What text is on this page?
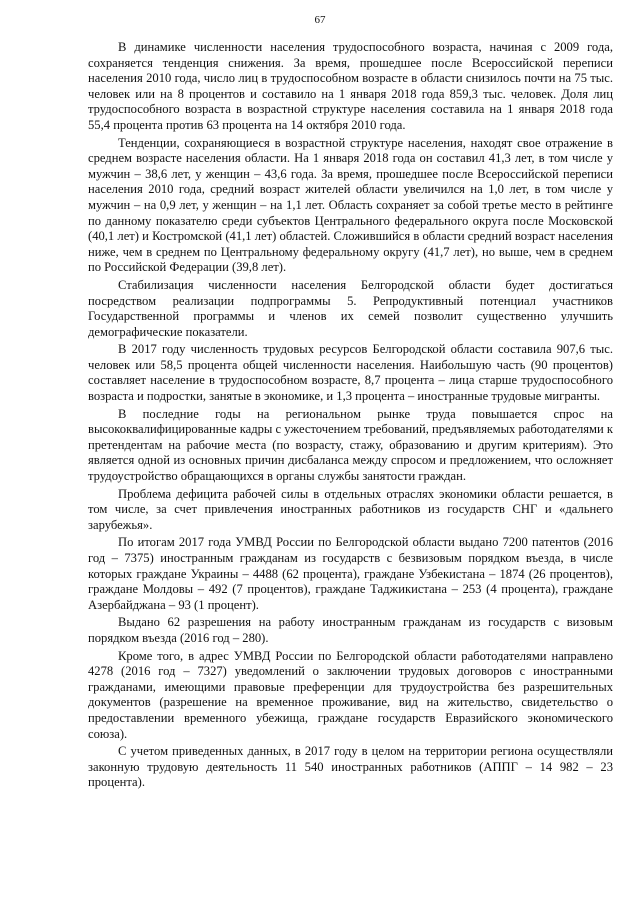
67

В динамике численности населения трудоспособного возраста, начиная с 2009 года, сохраняется тенденция снижения. За время, прошедшее после Всероссийской переписи населения 2010 года, число лиц в трудоспособном возрасте в области снизилось почти на 75 тыс. человек или на 8 процентов и составило на 1 января 2018 года 859,3 тыс. человек. Доля лиц трудоспособного возраста в возрастной структуре населения составила на 1 января 2018 года 55,4 процента против 63 процента на 14 октября 2010 года.

Тенденции, сохраняющиеся в возрастной структуре населения, находят свое отражение в среднем возрасте населения области. На 1 января 2018 года он составил 41,3 лет, в том числе у мужчин – 38,6 лет, у женщин – 43,6 года. За время, прошедшее после Всероссийской переписи населения 2010 года, средний возраст жителей области увеличился на 1,0 лет, в том числе у мужчин – на 0,9 лет, у женщин – на 1,1 лет. Область сохраняет за собой третье место в рейтинге по данному показателю среди субъектов Центрального федерального округа после Московской (40,1 лет) и Костромской (41,1 лет) областей. Сложившийся в области средний возраст населения ниже, чем в среднем по Центральному федеральному округу (41,7 лет), но выше, чем в среднем по Российской Федерации (39,8 лет).

Стабилизация численности населения Белгородской области будет достигаться посредством реализации подпрограммы 5. Репродуктивный потенциал участников Государственной программы и членов их семей позволит существенно улучшить демографические показатели.

В 2017 году численность трудовых ресурсов Белгородской области составила 907,6 тыс. человек или 58,5 процента общей численности населения. Наибольшую часть (90 процентов) составляет население в трудоспособном возрасте, 8,7 процента – лица старше трудоспособного возраста и подростки, занятые в экономике, и 1,3 процента – иностранные трудовые мигранты.

В последние годы на региональном рынке труда повышается спрос на высококвалифицированные кадры с ужесточением требований, предъявляемых работодателями к претендентам на рабочие места (по возрасту, стажу, образованию и другим критериям). Это является одной из основных причин дисбаланса между спросом и предложением, что осложняет трудоустройство обращающихся в органы службы занятости граждан.

Проблема дефицита рабочей силы в отдельных отраслях экономики области решается, в том числе, за счет привлечения иностранных работников из государств СНГ и «дальнего зарубежья».

По итогам 2017 года УМВД России по Белгородской области выдано 7200 патентов (2016 год – 7375) иностранным гражданам из государств с безвизовым порядком въезда, в числе которых граждане Украины – 4488 (62 процента), граждане Узбекистана – 1874 (26 процентов), граждане Молдовы – 492 (7 процентов), граждане Таджикистана – 253 (4 процента), граждане Азербайджана – 93 (1 процент).

Выдано 62 разрешения на работу иностранным гражданам из государств с визовым порядком въезда (2016 год – 280).

Кроме того, в адрес УМВД России по Белгородской области работодателями направлено 4278 (2016 год – 7327) уведомлений о заключении трудовых договоров с иностранными гражданами, имеющими правовые преференции для трудоустройства без разрешительных документов (разрешение на временное проживание, вид на жительство, свидетельство о предоставлении временного убежища, граждане государств Евразийского экономического союза).

С учетом приведенных данных, в 2017 году в целом на территории региона осуществляли законную трудовую деятельность 11 540 иностранных работников (АППГ – 14 982 – 23 процента).
